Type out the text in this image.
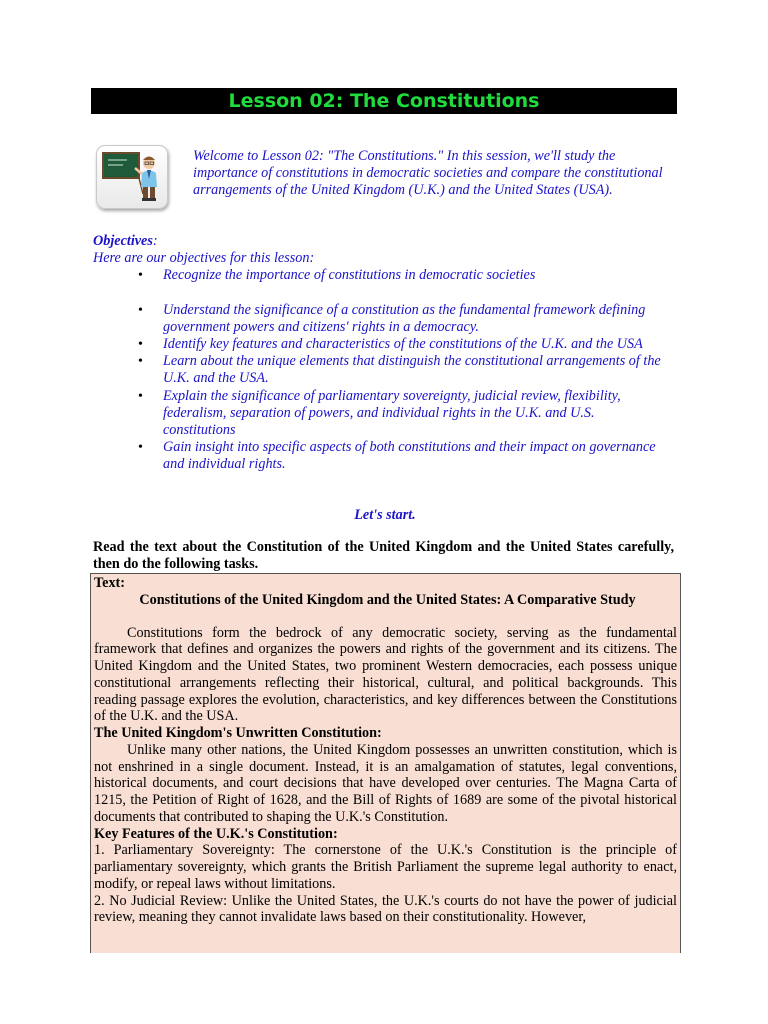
Lesson 02: The Constitutions
Welcome to Lesson 02: "The Constitutions." In this session, we'll study the importance of constitutions in democratic societies and compare the constitutional arrangements of the United Kingdom (U.K.) and the United States (USA).
Objectives:
Here are our objectives for this lesson:
• Recognize the importance of constitutions in democratic societies
• Understand the significance of a constitution as the fundamental framework defining government powers and citizens' rights in a democracy.
• Identify key features and characteristics of the constitutions of the U.K. and the USA
• Learn about the unique elements that distinguish the constitutional arrangements of the U.K. and the USA.
• Explain the significance of parliamentary sovereignty, judicial review, flexibility, federalism, separation of powers, and individual rights in the U.K. and U.S. constitutions
• Gain insight into specific aspects of both constitutions and their impact on governance and individual rights.
Let's start.
Read the text about the Constitution of the United Kingdom and the United States carefully, then do the following tasks.

Text:

Constitutions of the United Kingdom and the United States: A Comparative Study

Constitutions form the bedrock of any democratic society, serving as the fundamental framework that defines and organizes the powers and rights of the government and its citizens. The United Kingdom and the United States, two prominent Western democracies, each possess unique constitutional arrangements reflecting their historical, cultural, and political backgrounds. This reading passage explores the evolution, characteristics, and key differences between the Constitutions of the U.K. and the USA.

The United Kingdom's Unwritten Constitution:

Unlike many other nations, the United Kingdom possesses an unwritten constitution, which is not enshrined in a single document. Instead, it is an amalgamation of statutes, legal conventions, historical documents, and court decisions that have developed over centuries. The Magna Carta of 1215, the Petition of Right of 1628, and the Bill of Rights of 1689 are some of the pivotal historical documents that contributed to shaping the U.K.'s Constitution.

Key Features of the U.K.'s Constitution:

1. Parliamentary Sovereignty: The cornerstone of the U.K.'s Constitution is the principle of parliamentary sovereignty, which grants the British Parliament the supreme legal authority to enact, modify, or repeal laws without limitations.

2. No Judicial Review: Unlike the United States, the U.K.'s courts do not have the power of judicial review, meaning they cannot invalidate laws based on their constitutionality. However,
